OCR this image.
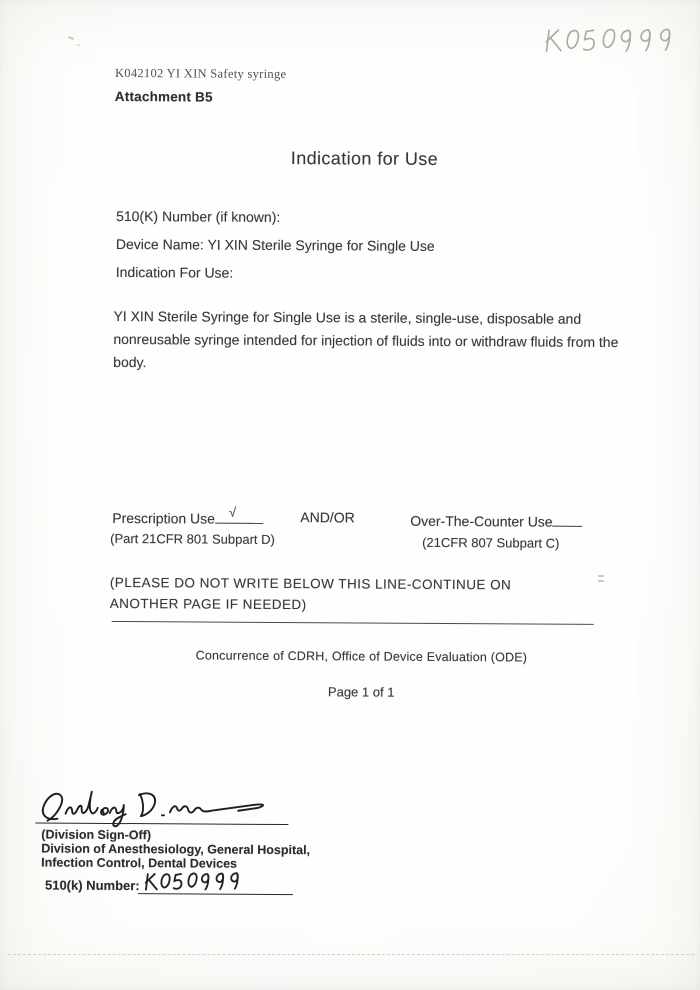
K042102 YI XIN Safety syringe
Attachment B5
Indication for Use
510(K) Number (if known):
Device Name: YI XIN Sterile Syringe for Single Use
Indication For Use:
YI XIN Sterile Syringe for Single Use is a sterile, single-use, disposable and nonreusable syringe intended for injection of fluids into or withdraw fluids from the body.
Prescription Use √	AND/OR	Over-The-Counter Use
(Part 21CFR 801 Subpart D)	(21CFR 807 Subpart C)
(PLEASE DO NOT WRITE BELOW THIS LINE-CONTINUE ON ANOTHER PAGE IF NEEDED)
Concurrence of CDRH, Office of Device Evaluation (ODE)
Page 1 of 1
(Division Sign-Off)
Division of Anesthesiology, General Hospital,
Infection Control, Dental Devices
510(k) Number:
